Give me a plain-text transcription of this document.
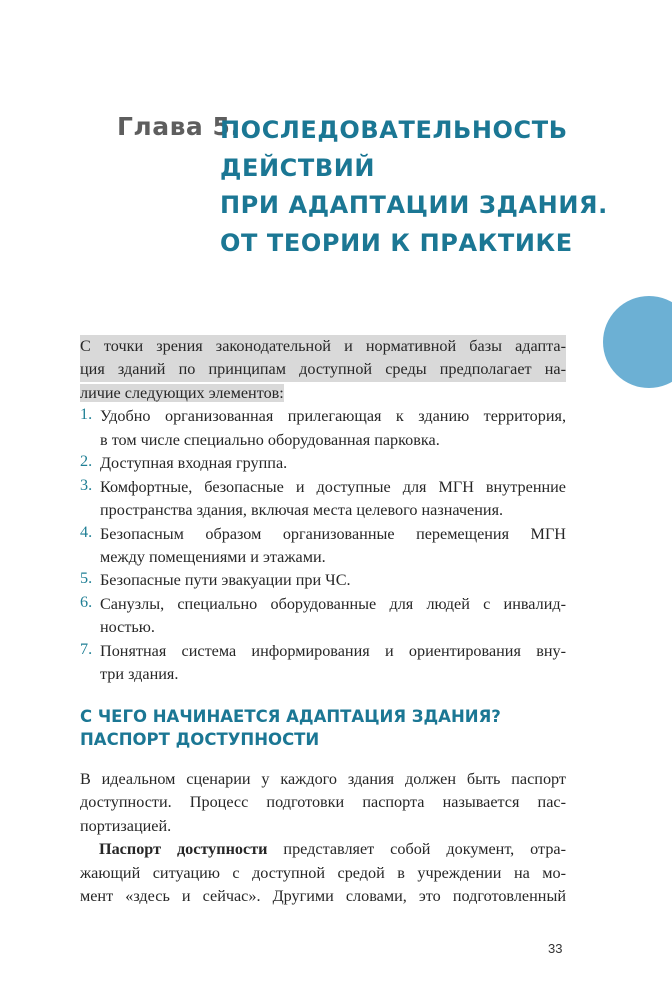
Глава 5.
ПОСЛЕДОВАТЕЛЬНОСТЬ
ДЕЙСТВИЙ
ПРИ АДАПТАЦИИ ЗДАНИЯ.
ОТ ТЕОРИИ К ПРАКТИКЕ
С точки зрения законодательной и нормативной базы адапта-
ция зданий по принципам доступной среды предполагает на-
личие следующих элементов:
1. Удобно организованная прилегающая к зданию территория,
в том числе специально оборудованная парковка.
2. Доступная входная группа.
3. Комфортные, безопасные и доступные для МГН внутренние
пространства здания, включая места целевого назначения.
4. Безопасным образом организованные перемещения МГН
между помещениями и этажами.
5. Безопасные пути эвакуации при ЧС.
6. Санузлы, специально оборудованные для людей с инвалид-
ностью.
7. Понятная система информирования и ориентирования вну-
три здания.
С ЧЕГО НАЧИНАЕТСЯ АДАПТАЦИЯ ЗДАНИЯ?
ПАСПОРТ ДОСТУПНОСТИ
В идеальном сценарии у каждого здания должен быть паспорт
доступности. Процесс подготовки паспорта называется пас-
портизацией.
Паспорт доступности представляет собой документ, отра-
жающий ситуацию с доступной средой в учреждении на мо-
мент «здесь и сейчас». Другими словами, это подготовленный
33
